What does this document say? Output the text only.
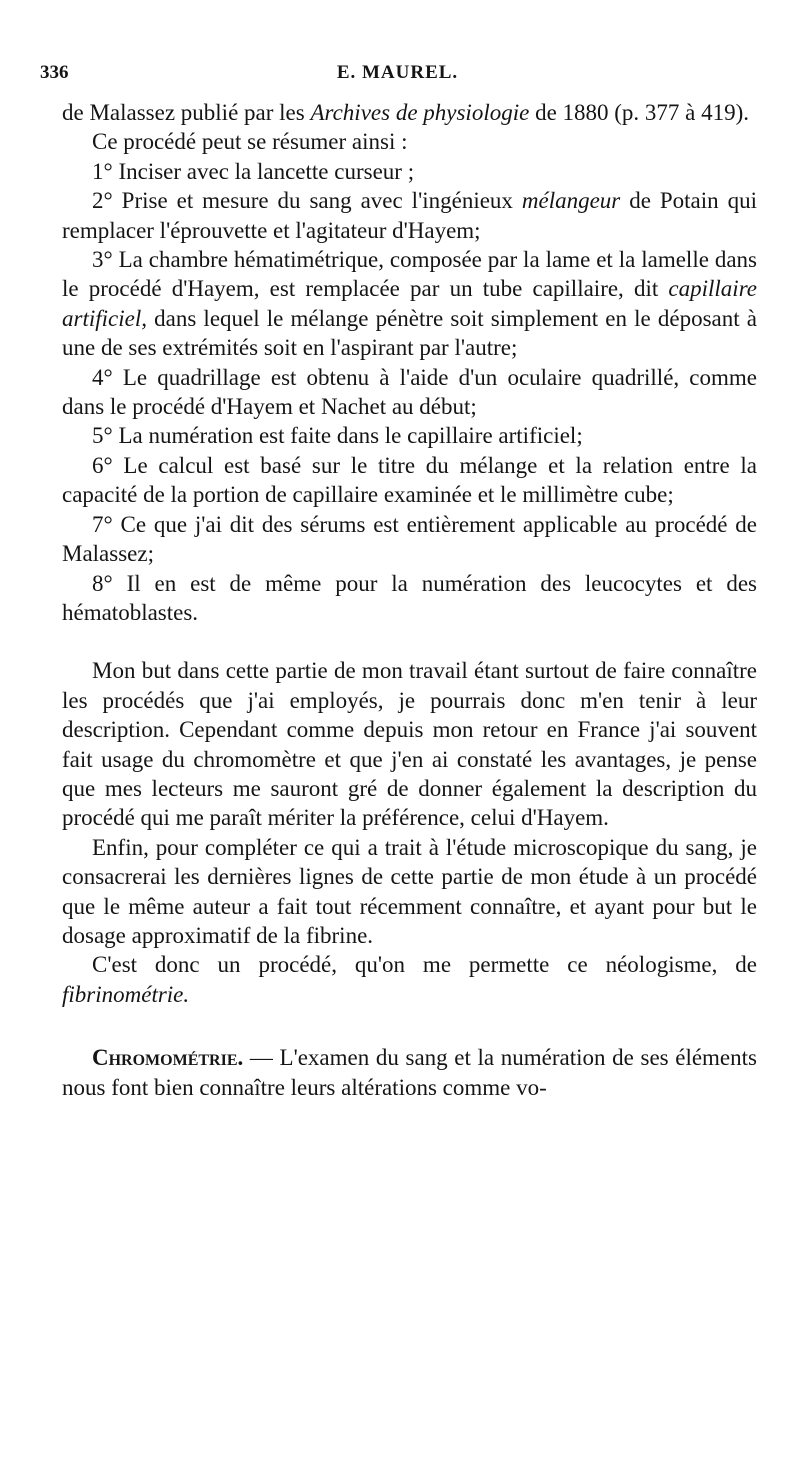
336	E. MAUREL.

de Malassez publié par les Archives de physiologie de 1880 (p. 377 à 419).

Ce procédé peut se résumer ainsi :

1° Inciser avec la lancette curseur ;

2° Prise et mesure du sang avec l'ingénieux mélangeur de Potain qui remplacer l'éprouvette et l'agitateur d'Hayem;

3° La chambre hématimétrique, composée par la lame et la lamelle dans le procédé d'Hayem, est remplacée par un tube capillaire, dit capillaire artificiel, dans lequel le mélange pénètre soit simplement en le déposant à une de ses extrémités soit en l'aspirant par l'autre;

4° Le quadrillage est obtenu à l'aide d'un oculaire quadrillé, comme dans le procédé d'Hayem et Nachet au début;

5° La numération est faite dans le capillaire artificiel;

6° Le calcul est basé sur le titre du mélange et la relation entre la capacité de la portion de capillaire examinée et le millimètre cube;

7° Ce que j'ai dit des sérums est entièrement applicable au procédé de Malassez;

8° Il en est de même pour la numération des leucocytes et des hématoblastes.

Mon but dans cette partie de mon travail étant surtout de faire connaître les procédés que j'ai employés, je pourrais donc m'en tenir à leur description. Cependant comme depuis mon retour en France j'ai souvent fait usage du chromomètre et que j'en ai constaté les avantages, je pense que mes lecteurs me sauront gré de donner également la description du procédé qui me paraît mériter la préférence, celui d'Hayem.

Enfin, pour compléter ce qui a trait à l'étude microscopique du sang, je consacrerai les dernières lignes de cette partie de mon étude à un procédé que le même auteur a fait tout récemment connaître, et ayant pour but le dosage approximatif de la fibrine.

C'est donc un procédé, qu'on me permette ce néologisme, de fibrinométrie.

Chromométrie. — L'examen du sang et la numération de ses éléments nous font bien connaître leurs altérations comme vo-
